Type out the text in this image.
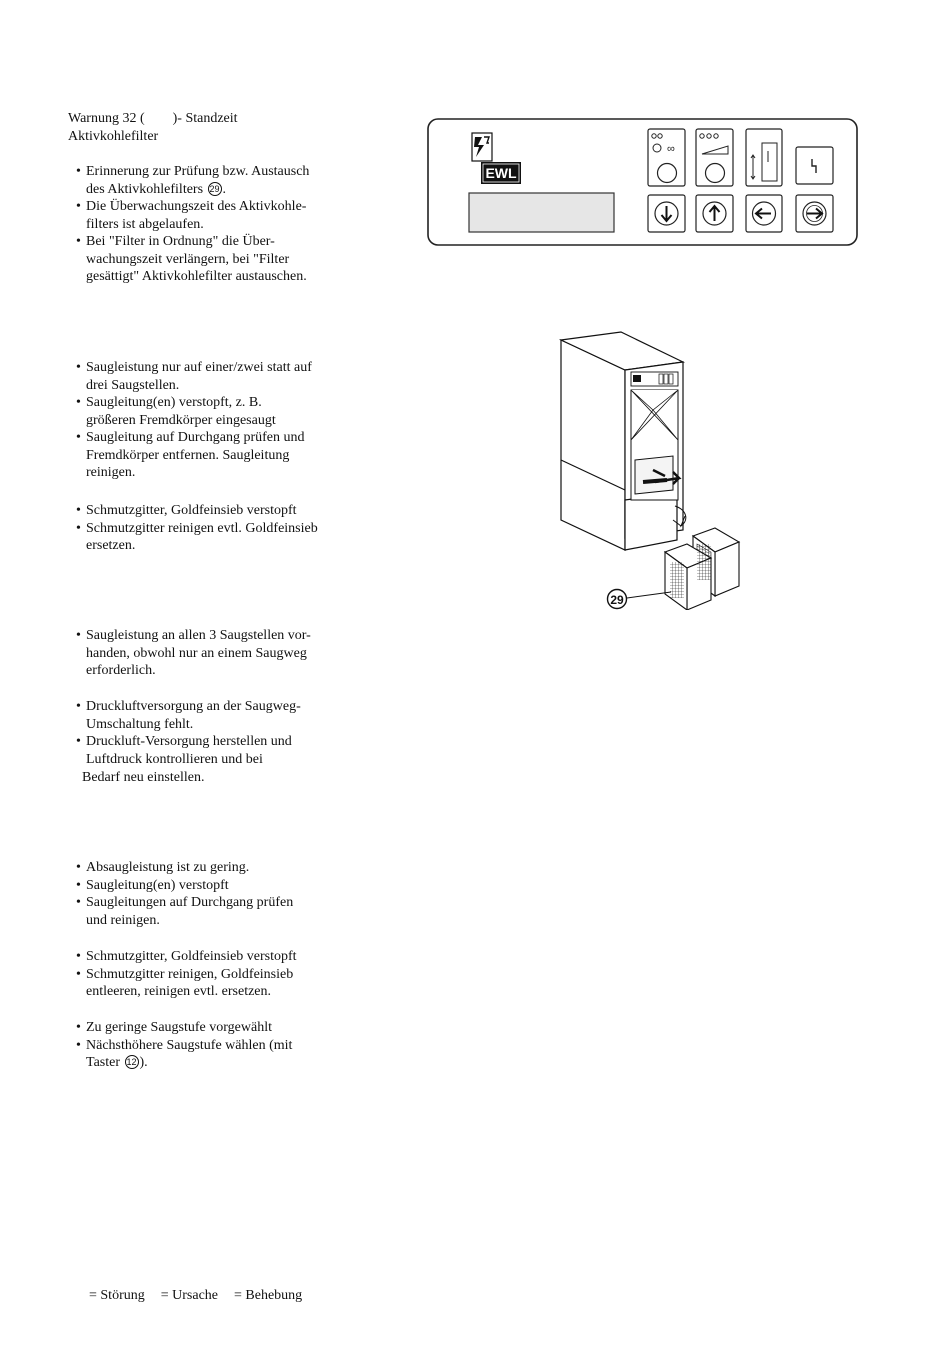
Warnung 32 (        )- Standzeit
Aktivkohlefilter
• Erinnerung zur Prüfung bzw. Austausch
des Aktivkohlefilters 29 .
• Die Überwachungszeit des Aktivkohle-
filters ist abgelaufen.
• Bei "Filter in Ordnung" die Über-
wachungszeit verlängern, bei "Filter
gesättigt" Aktivkohlefilter austauschen.
• Saugleistung nur auf einer/zwei statt auf
drei Saugstellen.
• Saugleitung(en) verstopft, z. B.
größeren Fremdkörper eingesaugt
• Saugleitung auf Durchgang prüfen und
Fremdkörper entfernen. Saugleitung
reinigen.
• Schmutzgitter, Goldfeinsieb verstopft
• Schmutzgitter reinigen evtl. Goldfeinsieb
ersetzen.
• Saugleistung an allen 3 Saugstellen vor-
handen, obwohl nur an einem Saugweg
erforderlich.
• Druckluftversorgung an der Saugweg-
Umschaltung fehlt.
• Druckluft-Versorgung herstellen und
Luftdruck kontrollieren und bei
Bedarf neu einstellen.
• Absaugleistung ist zu gering.
• Saugleitung(en) verstopft
• Saugleitungen auf Durchgang prüfen
und reinigen.
• Schmutzgitter, Goldfeinsieb verstopft
• Schmutzgitter reinigen, Goldfeinsieb
entleeren, reinigen evtl. ersetzen.
• Zu geringe Saugstufe vorgewählt
• Nächsthöhere Saugstufe wählen (mit
Taster 12 ).

= Störung = Ursache = Behebung

EWL
∞
29
